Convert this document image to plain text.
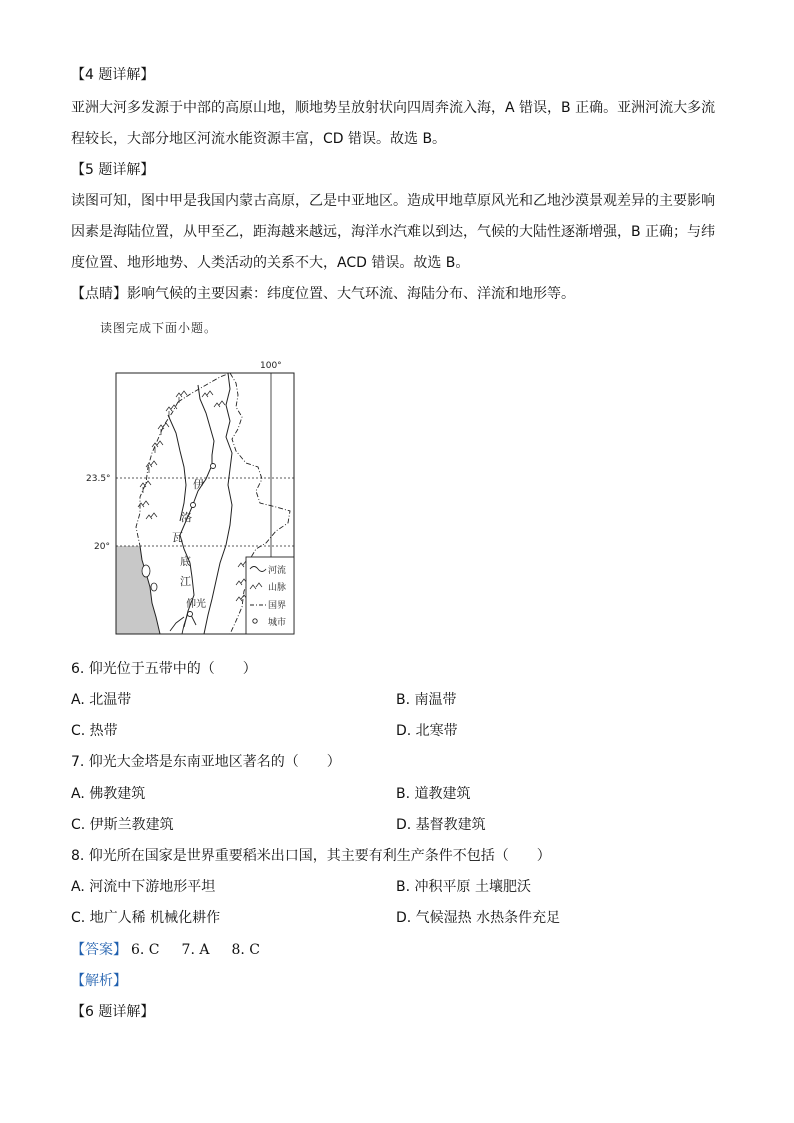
【4 题详解】
亚洲大河多发源于中部的高原山地，顺地势呈放射状向四周奔流入海，A 错误，B 正确。亚洲河流大多流
程较长，大部分地区河流水能资源丰富，CD 错误。故选 B。
【5 题详解】
读图可知，图中甲是我国内蒙古高原，乙是中亚地区。造成甲地草原风光和乙地沙漠景观差异的主要影响
因素是海陆位置，从甲至乙，距海越来越远，海洋水汽难以到达，气候的大陆性逐渐增强，B 正确；与纬
度位置、地形地势、人类活动的关系不大，ACD 错误。故选 B。
【点睛】影响气候的主要因素：纬度位置、大气环流、海陆分布、洋流和地形等。
读图完成下面小题。
100°
23.5°
20°
伊
洛
瓦
底
江
仰光
河流
山脉
国界
城市
6. 仰光位于五带中的（　　）
A. 北温带	B. 南温带
C. 热带	D. 北寒带
7. 仰光大金塔是东南亚地区著名的（　　）
A. 佛教建筑	B. 道教建筑
C. 伊斯兰教建筑	D. 基督教建筑
8. 仰光所在国家是世界重要稻米出口国，其主要有利生产条件不包括（　　）
A. 河流中下游地形平坦	B. 冲积平原 土壤肥沃
C. 地广人稀 机械化耕作	D. 气候湿热 水热条件充足
【答案】 6. C 7. A 8. C
【解析】
【6 题详解】
